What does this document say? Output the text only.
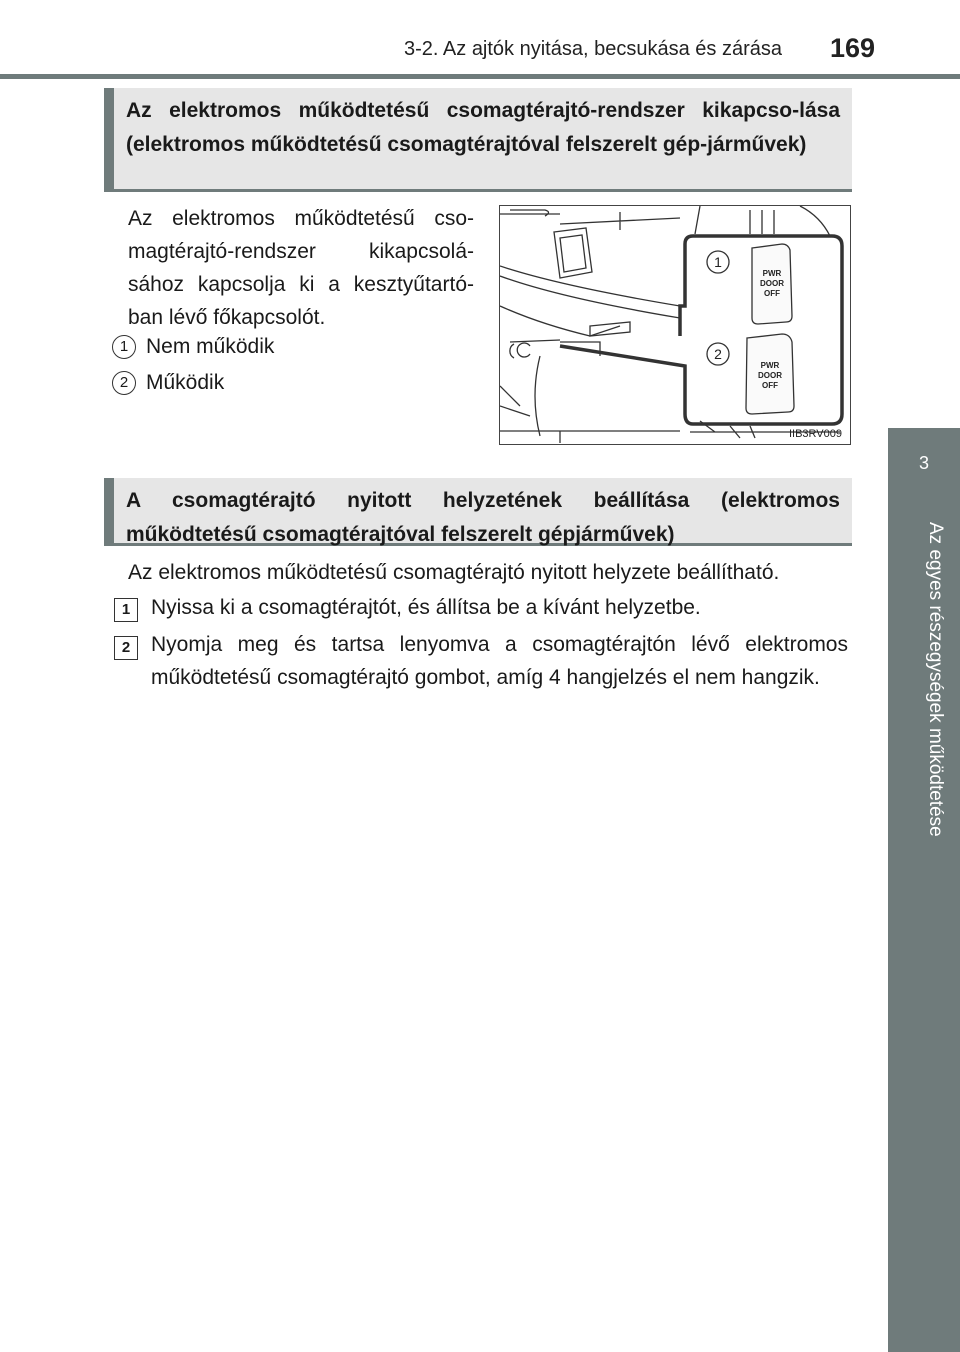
3-2. Az ajtók nyitása, becsukása és zárása 169
3
Az egyes részegységek működtetése

Az elektromos működtetésű csomagtérajtó-rendszer kikapcso-lása (elektromos működtetésű csomagtérajtóval felszerelt gép-járművek)

Az elektromos működtetésű cso-magtérajtó-rendszer kikapcsolá-sához kapcsolja ki a kesztyűtartó-ban lévő főkapcsolót.

1 Nem működik
2 Működik
PWR
DOOR
OFF
PWR
DOOR
OFF
1
2
IIB3RV009

A csomagtérajtó nyitott helyzetének beállítása (elektromos működtetésű csomagtérajtóval felszerelt gépjárművek)

Az elektromos működtetésű csomagtérajtó nyitott helyzete beállítható.

1 Nyissa ki a csomagtérajtót, és állítsa be a kívánt helyzetbe.

2 Nyomja meg és tartsa lenyomva a csomagtérajtón lévő elektromos működtetésű csomagtérajtó gombot, amíg 4 hangjelzés el nem hangzik.
